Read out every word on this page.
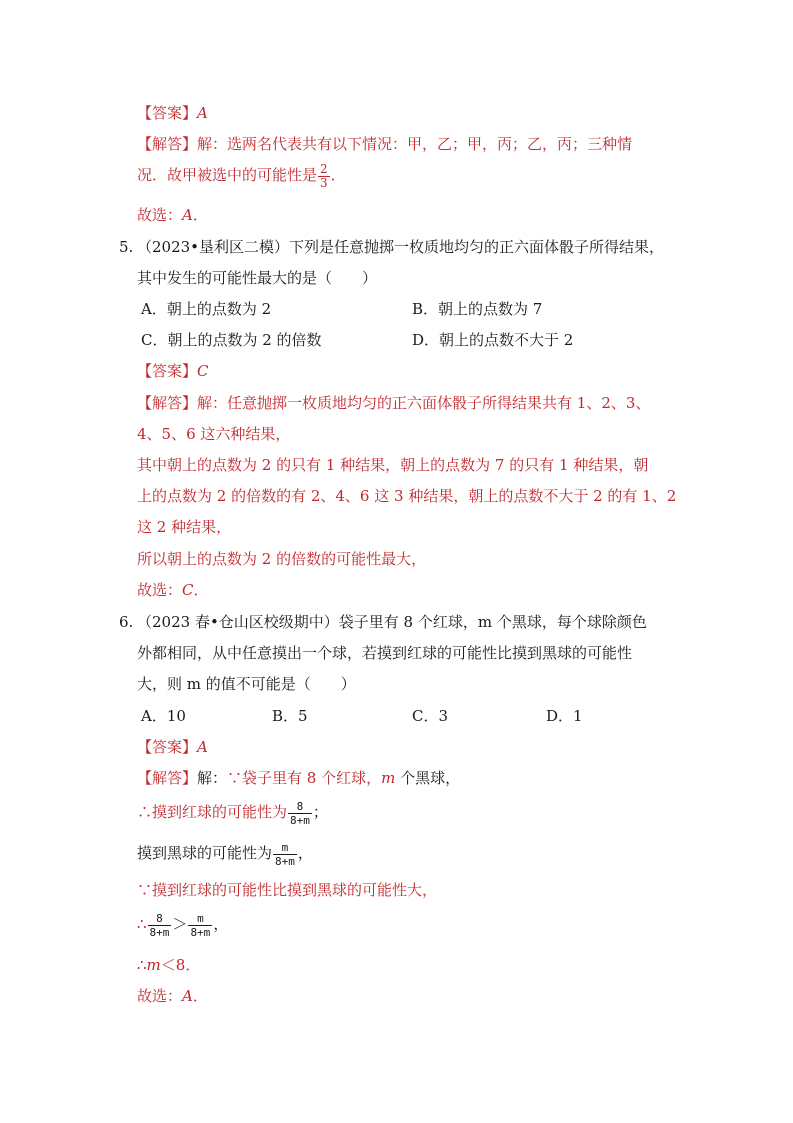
【答案】A
【解答】解：选两名代表共有以下情况：甲，乙；甲，丙；乙，丙；三种情
况．故甲被选中的可能性是 $\frac{2}{3}$ ．
故选：A．
5. （2023•垦利区二模）下列是任意抛掷一枚质地均匀的正六面体骰子所得结果，
其中发生的可能性最大的是（　　）
A．朝上的点数为 2	B．朝上的点数为 7
C．朝上的点数为 2 的倍数	D．朝上的点数不大于 2
【答案】C
【解答】解：任意抛掷一枚质地均匀的正六面体骰子所得结果共有 1、2、3、
4、5、6 这六种结果，
其中朝上的点数为 2 的只有 1 种结果，朝上的点数为 7 的只有 1 种结果，朝
上的点数为 2 的倍数的有 2、4、6 这 3 种结果，朝上的点数不大于 2 的有 1、2
这 2 种结果，
所以朝上的点数为 2 的倍数的可能性最大，
故选：C．
6. （2023 春•仓山区校级期中）袋子里有 8 个红球，m 个黑球，每个球除颜色
外都相同，从中任意摸出一个球，若摸到红球的可能性比摸到黑球的可能性
大，则 m 的值不可能是（　　）
A．10	B．5	C．3	D．1
【答案】A
【解答】解：∵袋子里有 8 个红球，m 个黑球，
∴摸到红球的可能性为 $\frac{8}{8+m}$ ；
摸到黑球的可能性为 $\frac{m}{8+m}$ ，
∵摸到红球的可能性比摸到黑球的可能性大，
∴ $\frac{8}{8+m} > \frac{m}{8+m}$ ，
∴m＜8．
故选：A．
